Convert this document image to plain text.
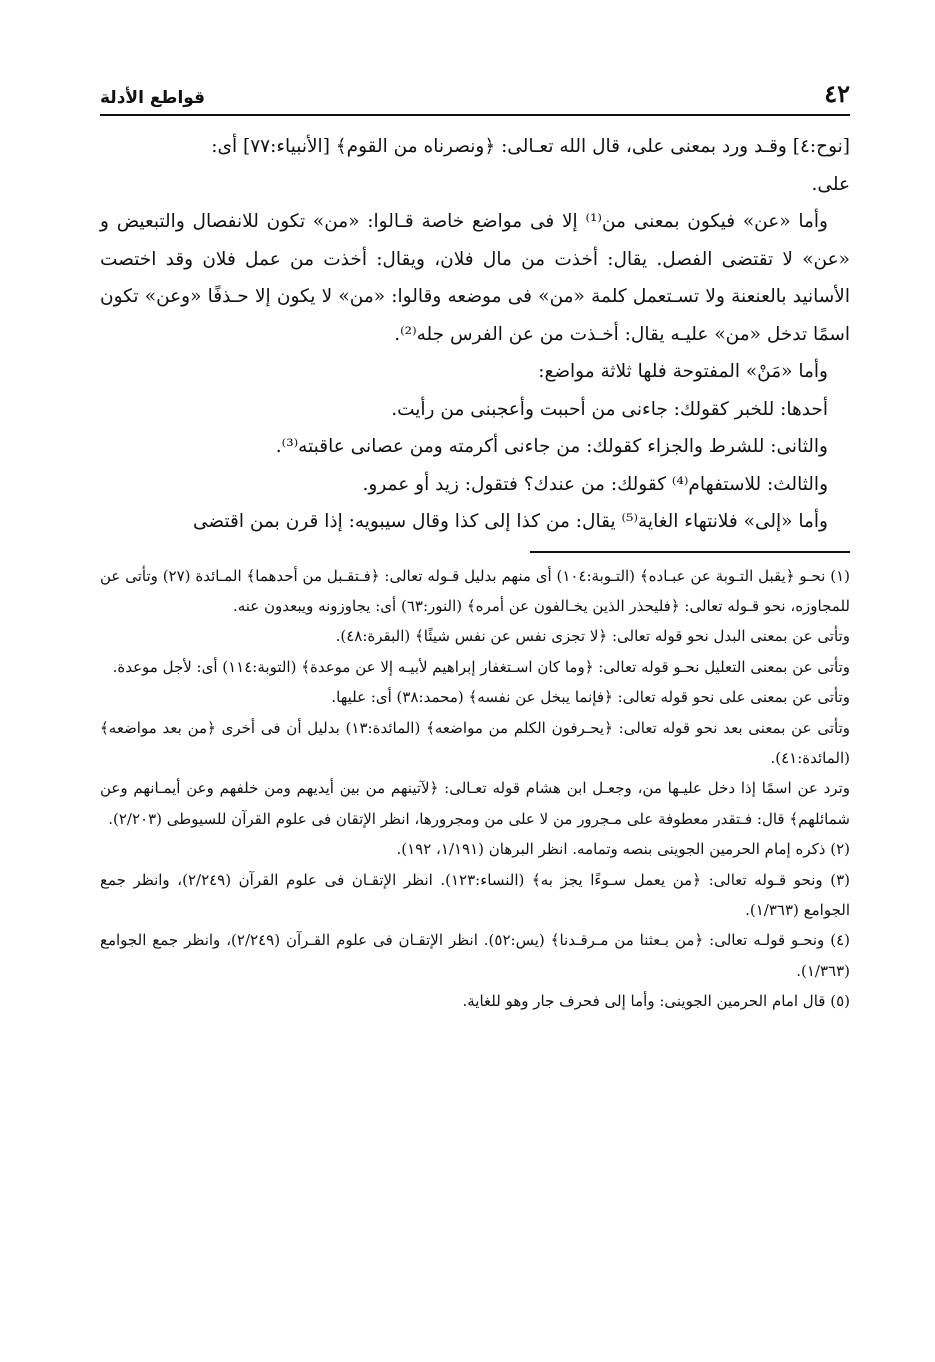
٤٢
قواطع الأدلة

[نوح:٤] وقـد ورد بمعنى على، قال الله تعـالى: ﴿ونصرناه من القوم﴾ [الأنبياء:٧٧] أى:

على.

وأما «عن» فيكون بمعنى من⁽¹⁾ إلا فى مواضع خاصة قـالوا: «من» تكون للانفصال والتبعيض و «عن» لا تقتضى الفصل. يقال: أخذت من مال فلان، ويقال: أخذت من عمل فلان وقد اختصت الأسانيد بالعنعنة ولا تسـتعمل كلمة «من» فى موضعه وقالوا: «من» لا يكون إلا حـذفًا «وعن» تكون اسمًا تدخل «من» عليـه يقال: أخـذت من عن الفرس جله⁽²⁾.

وأما «مَنْ» المفتوحة فلها ثلاثة مواضع:

أحدها: للخبر كقولك: جاءنى من أحببت وأعجبنى من رأيت.

والثانى: للشرط والجزاء كقولك: من جاءنى أكرمته ومن عصانى عاقبته⁽³⁾.

والثالث: للاستفهام⁽⁴⁾ كقولك: من عندك؟ فتقول: زيد أو عمرو.

وأما «إلى» فلانتهاء الغاية⁽⁵⁾ يقال: من كذا إلى كذا وقال سيبويه: إذا قرن بمن اقتضى

(١) نحـو ﴿يقبل التـوبة عن عبـاده﴾ (التـوبة:١٠٤) أى منهم بدليل قـوله تعالى: ﴿فـتقـبل من أحدهما﴾ المـائدة (٢٧) وتأتى عن للمجاوزه، نحو قـوله تعالى: ﴿فليحذر الذين يخـالفون عن أمره﴾ (النور:٦٣) أى: يجاوزونه ويبعدون عنه.

وتأتى عن بمعنى البدل نحو قوله تعالى: ﴿لا تجزى نفس عن نفس شيئًا﴾ (البقرة:٤٨).

وتأتى عن بمعنى التعليل نحـو قوله تعالى: ﴿وما كان اسـتغفار إبراهيم لأبيـه إلا عن موعدة﴾ (التوبة:١١٤) أى: لأجل موعدة.

وتأتى عن بمعنى على نحو قوله تعالى: ﴿فإنما يبخل عن نفسه﴾ (محمد:٣٨) أى: عليها.

وتأتى عن بمعنى بعد نحو قوله تعالى: ﴿يحـرفون الكلم من مواضعه﴾ (المائدة:١٣) بدليل أن فى أخرى ﴿من بعد مواضعه﴾ (المائدة:٤١).

وترد عن اسمًا إذا دخل عليـها من، وجعـل ابن هشام قوله تعـالى: ﴿لآتينهم من بين أيديهم ومن خلفهم وعن أيمـانهم وعن شمائلهم﴾ قال: فـتقدر معطوفة على مـجرور من لا على من ومجرورها، انظر الإتقان فى علوم القرآن للسيوطى (٢/٢٠٣).

(٢) ذكره إمام الحرمين الجوينى بنصه وتمامه. انظر البرهان (١/١٩١، ١٩٢).

(٣) ونحو قـوله تعالى: ﴿من يعمل سـوءًا يجز به﴾ (النساء:١٢٣). انظر الإتقـان فى علوم القرآن (٢/٢٤٩)، وانظر جمع الجوامع (١/٣٦٣).

(٤) ونحـو قولـه تعالى: ﴿من بـعثنا من مـرقـدنا﴾ (يس:٥٢). انظر الإتقـان فى علوم القـرآن (٢/٢٤٩)، وانظر جمع الجوامع (١/٣٦٣).

(٥) قال امام الحرمين الجوينى: وأما إلى فحرف جار وهو للغاية.
